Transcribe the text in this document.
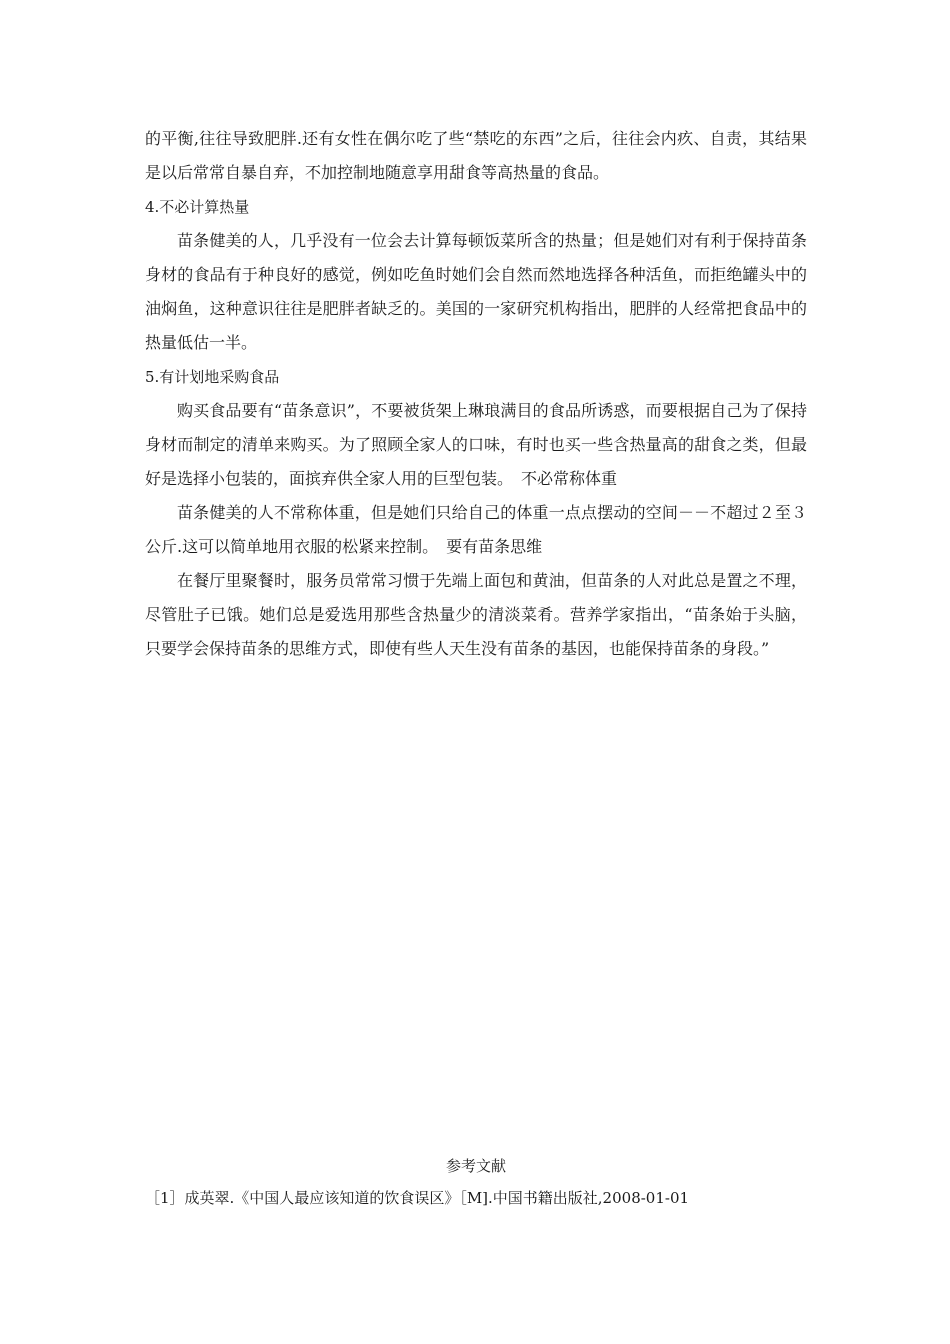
的平衡,往往导致肥胖.还有女性在偶尔吃了些“禁吃的东西”之后，往往会内疚、自责，其结果是以后常常自暴自弃，不加控制地随意享用甜食等高热量的食品。

4.不必计算热量

苗条健美的人，几乎没有一位会去计算每顿饭菜所含的热量；但是她们对有利于保持苗条身材的食品有于种良好的感觉，例如吃鱼时她们会自然而然地选择各种活鱼，而拒绝罐头中的油焖鱼，这种意识往往是肥胖者缺乏的。美国的一家研究机构指出，肥胖的人经常把食品中的热量低估一半。

5.有计划地采购食品

购买食品要有“苗条意识”，不要被货架上琳琅满目的食品所诱惑，而要根据自己为了保持身材而制定的清单来购买。为了照顾全家人的口味，有时也买一些含热量高的甜食之类，但最好是选择小包装的，面摈弃供全家人用的巨型包装。　不必常称体重

苗条健美的人不常称体重，但是她们只给自己的体重一点点摆动的空间－－不超过２至３公斤.这可以简单地用衣服的松紧来控制。　要有苗条思维

在餐厅里聚餐时，服务员常常习惯于先端上面包和黄油，但苗条的人对此总是置之不理，尽管肚子已饿。她们总是爱选用那些含热量少的清淡菜肴。营养学家指出，“苗条始于头脑，只要学会保持苗条的思维方式，即使有些人天生没有苗条的基因，也能保持苗条的身段。”

参考文献

［1］成英翠.《中国人最应该知道的饮食误区》［M].中国书籍出版社,2008-01-01
